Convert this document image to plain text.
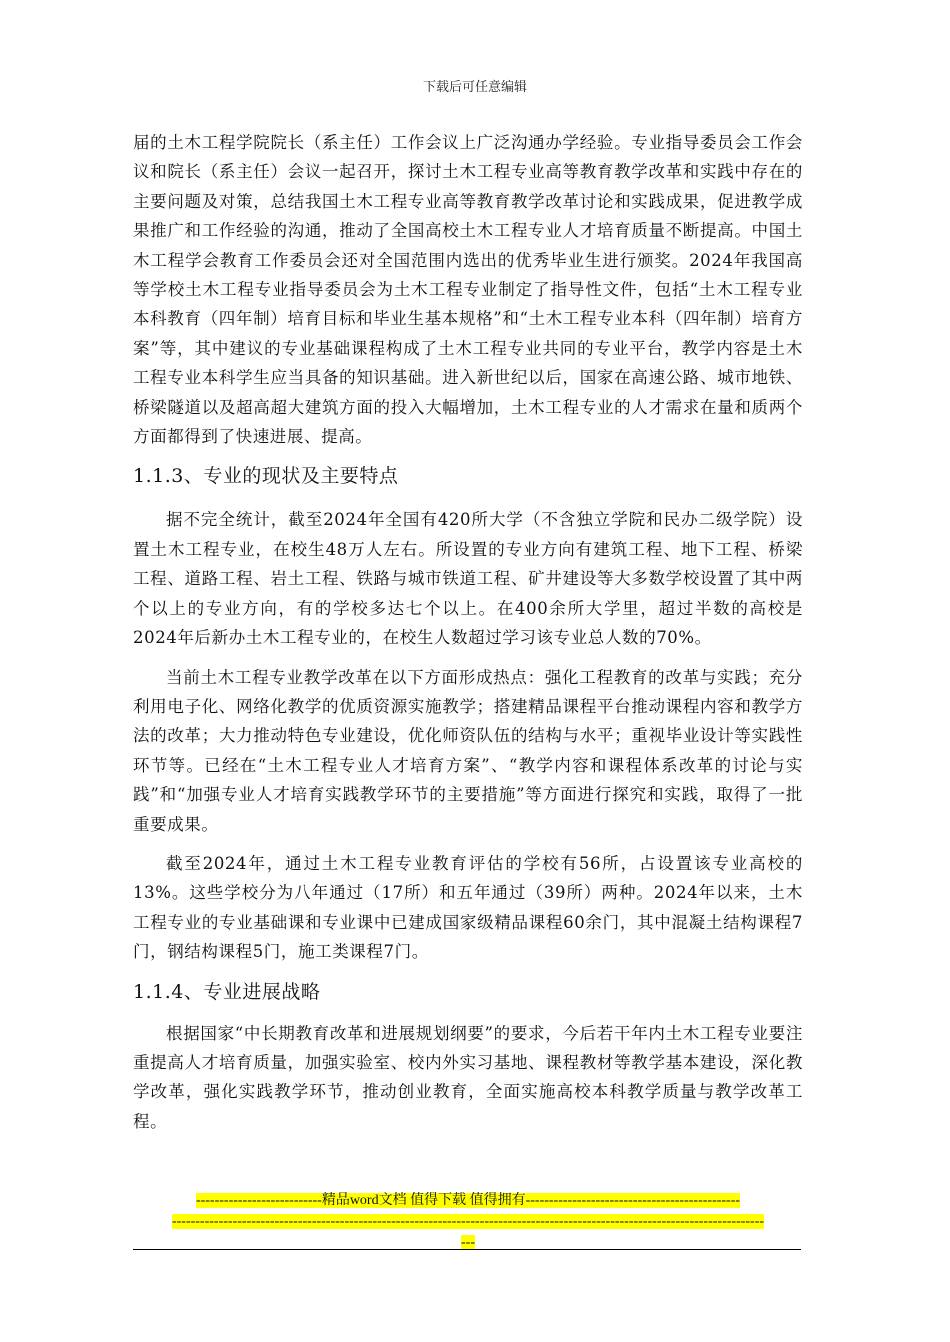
下载后可任意编辑

届的土木工程学院院长（系主任）工作会议上广泛沟通办学经验。专业指导委员会工作会议和院长（系主任）会议一起召开，探讨土木工程专业高等教育教学改革和实践中存在的主要问题及对策，总结我国土木工程专业高等教育教学改革讨论和实践成果，促进教学成果推广和工作经验的沟通，推动了全国高校土木工程专业人才培育质量不断提高。中国土木工程学会教育工作委员会还对全国范围内选出的优秀毕业生进行颁奖。2024年我国高等学校土木工程专业指导委员会为土木工程专业制定了指导性文件，包括“土木工程专业本科教育（四年制）培育目标和毕业生基本规格”和“土木工程专业本科（四年制）培育方案”等，其中建议的专业基础课程构成了土木工程专业共同的专业平台，教学内容是土木工程专业本科学生应当具备的知识基础。进入新世纪以后，国家在高速公路、城市地铁、桥梁隧道以及超高超大建筑方面的投入大幅增加，土木工程专业的人才需求在量和质两个方面都得到了快速进展、提高。

1.1.3、专业的现状及主要特点

据不完全统计，截至2024年全国有420所大学（不含独立学院和民办二级学院）设置土木工程专业，在校生48万人左右。所设置的专业方向有建筑工程、地下工程、桥梁工程、道路工程、岩土工程、铁路与城市铁道工程、矿井建设等大多数学校设置了其中两个以上的专业方向，有的学校多达七个以上。在400余所大学里，超过半数的高校是2024年后新办土木工程专业的，在校生人数超过学习该专业总人数的70%。

当前土木工程专业教学改革在以下方面形成热点：强化工程教育的改革与实践；充分利用电子化、网络化教学的优质资源实施教学；搭建精品课程平台推动课程内容和教学方法的改革；大力推动特色专业建设，优化师资队伍的结构与水平；重视毕业设计等实践性环节等。已经在“土木工程专业人才培育方案”、“教学内容和课程体系改革的讨论与实践”和“加强专业人才培育实践教学环节的主要措施”等方面进行探究和实践，取得了一批重要成果。

截至2024年，通过土木工程专业教育评估的学校有56所，占设置该专业高校的13%。这些学校分为八年通过（17所）和五年通过（39所）两种。2024年以来，土木工程专业的专业基础课和专业课中已建成国家级精品课程60余门，其中混凝土结构课程7门，钢结构课程5门，施工类课程7门。

1.1.4、专业进展战略

根据国家“中长期教育改革和进展规划纲要”的要求，今后若干年内土木工程专业要注重提高人才培育质量，加强实验室、校内外实习基地、课程教材等教学基本建设，深化教学改革，强化实践教学环节，推动创业教育，全面实施高校本科教学质量与教学改革工程。

---------------------------精品word文档 值得下载 值得拥有----------------------------------------------
-------------------------------------------------------------------------------------------------------------------------------
---
